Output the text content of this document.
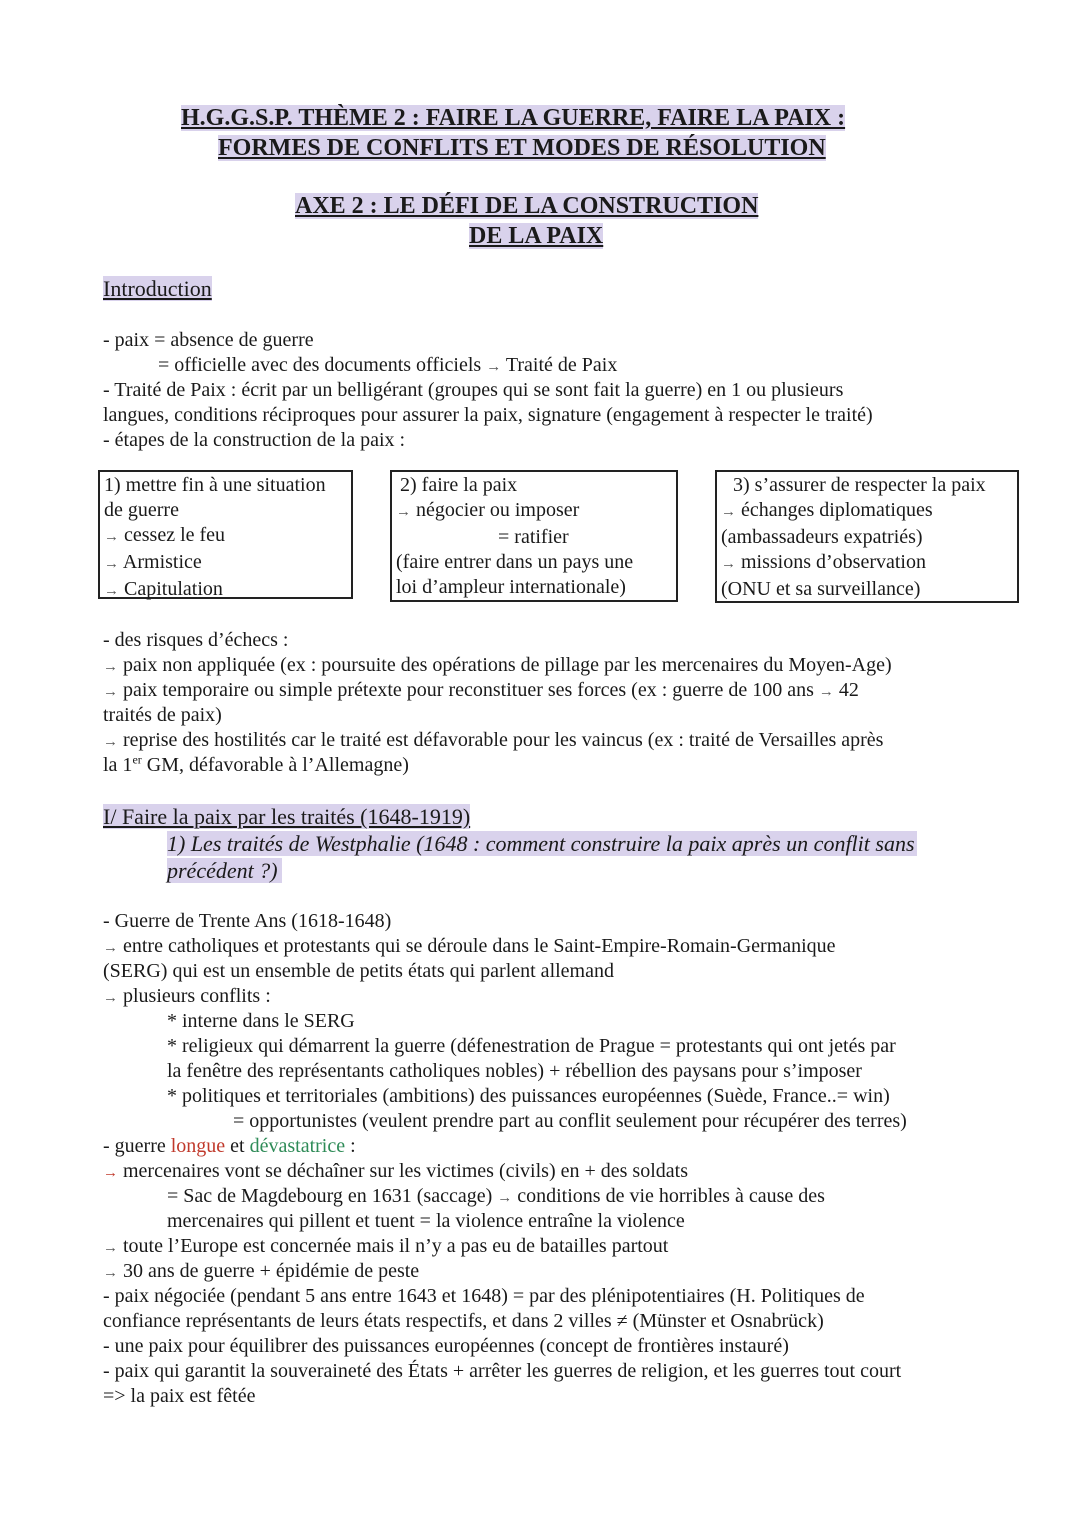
H.G.G.S.P. THÈME 2 : FAIRE LA GUERRE, FAIRE LA PAIX :
FORMES DE CONFLITS ET MODES DE RÉSOLUTION
AXE 2 : LE DÉFI DE LA CONSTRUCTION
DE LA PAIX
Introduction
- paix = absence de guerre
= officielle avec des documents officiels → Traité de Paix
- Traité de Paix : écrit par un belligérant (groupes qui se sont fait la guerre) en 1 ou plusieurs
langues, conditions réciproques pour assurer la paix, signature (engagement à respecter le traité)
- étapes de la construction de la paix :
1) mettre fin à une situation
de guerre
→ cessez le feu
→ Armistice
→ Capitulation
2) faire la paix
→ négocier ou imposer
= ratifier
(faire entrer dans un pays une
loi d’ampleur internationale)
3) s’assurer de respecter la paix
→ échanges diplomatiques
(ambassadeurs expatriés)
→ missions d’observation
(ONU et sa surveillance)
- des risques d’échecs :
→ paix non appliquée (ex : poursuite des opérations de pillage par les mercenaires du Moyen-Age)
→ paix temporaire ou simple prétexte pour reconstituer ses forces (ex : guerre de 100 ans → 42
traités de paix)
→ reprise des hostilités car le traité est défavorable pour les vaincus (ex : traité de Versailles après
la 1er GM, défavorable à l’Allemagne)
I/ Faire la paix par les traités (1648-1919)
1) Les traités de Westphalie (1648 : comment construire la paix après un conflit sans
précédent ?)
- Guerre de Trente Ans (1618-1648)
→ entre catholiques et protestants qui se déroule dans le Saint-Empire-Romain-Germanique
(SERG) qui est un ensemble de petits états qui parlent allemand
→ plusieurs conflits :
* interne dans le SERG
* religieux qui démarrent la guerre (défenestration de Prague = protestants qui ont jetés par
la fenêtre des représentants catholiques nobles) + rébellion des paysans pour s’imposer
* politiques et territoriales (ambitions) des puissances européennes (Suède, France..= win)
= opportunistes (veulent prendre part au conflit seulement pour récupérer des terres)
- guerre longue et dévastatrice :
→ mercenaires vont se déchaîner sur les victimes (civils) en + des soldats
= Sac de Magdebourg en 1631 (saccage) → conditions de vie horribles à cause des
mercenaires qui pillent et tuent = la violence entraîne la violence
→ toute l’Europe est concernée mais il n’y a pas eu de batailles partout
→ 30 ans de guerre + épidémie de peste
- paix négociée (pendant 5 ans entre 1643 et 1648) = par des plénipotentiaires (H. Politiques de
confiance représentants de leurs états respectifs, et dans 2 villes ≠ (Münster et Osnabrück)
- une paix pour équilibrer des puissances européennes (concept de frontières instauré)
- paix qui garantit la souveraineté des États + arrêter les guerres de religion, et les guerres tout court
=> la paix est fêtée
